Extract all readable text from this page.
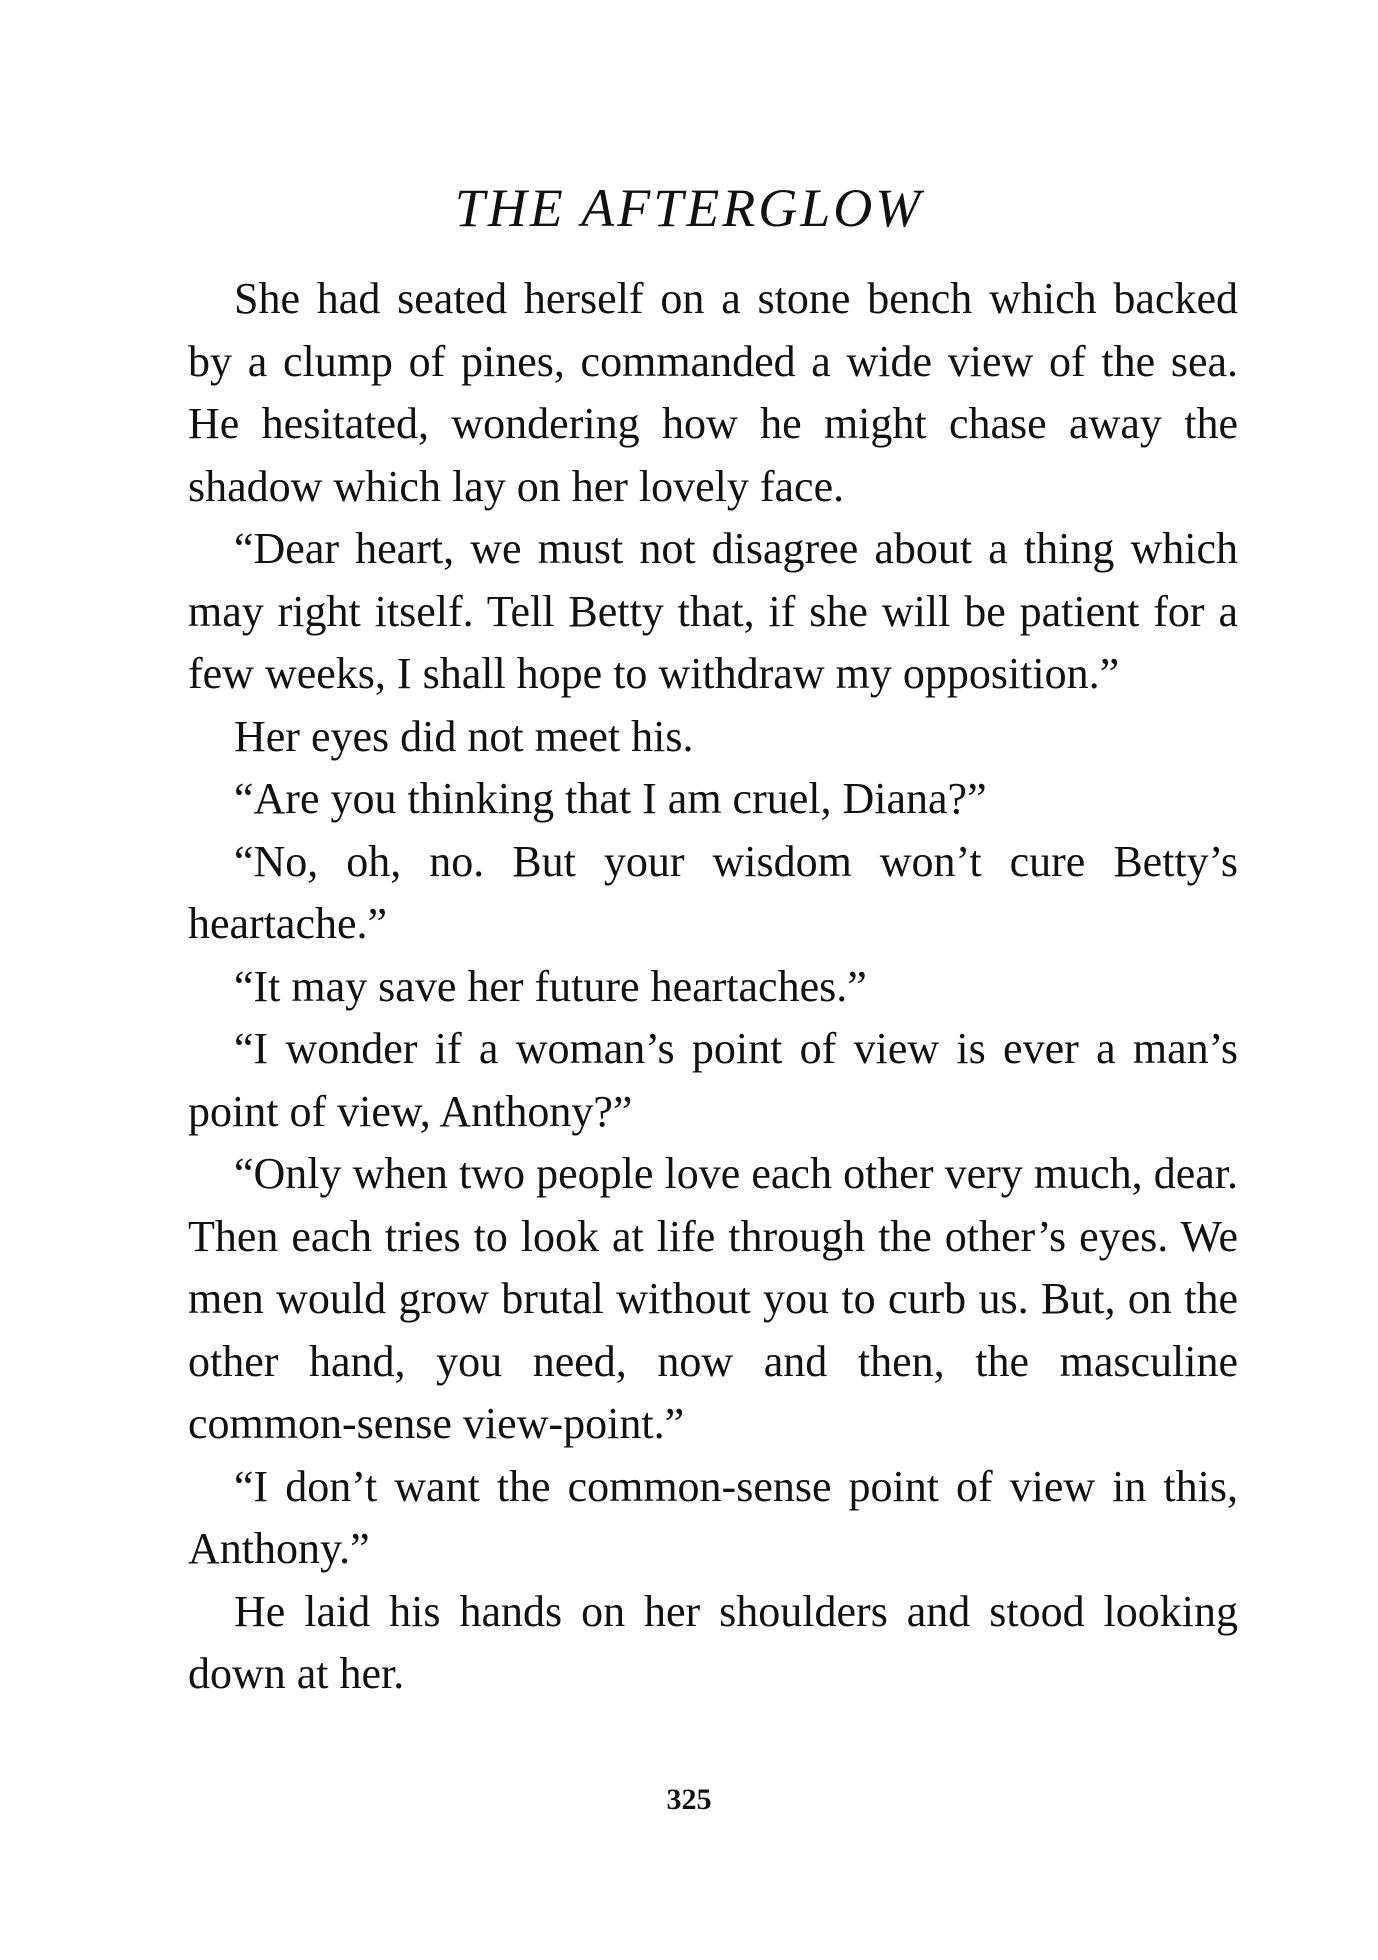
THE AFTERGLOW

She had seated herself on a stone bench which backed by a clump of pines, commanded a wide view of the sea. He hesitated, wondering how he might chase away the shadow which lay on her lovely face.

“Dear heart, we must not disagree about a thing which may right itself. Tell Betty that, if she will be patient for a few weeks, I shall hope to withdraw my opposition.”

Her eyes did not meet his.

“Are you thinking that I am cruel, Diana?”

“No, oh, no. But your wisdom won’t cure Betty’s heartache.”

“It may save her future heartaches.”

“I wonder if a woman’s point of view is ever a man’s point of view, Anthony?”

“Only when two people love each other very much, dear. Then each tries to look at life through the other’s eyes. We men would grow brutal without you to curb us. But, on the other hand, you need, now and then, the masculine common-sense view-point.”

“I don’t want the common-sense point of view in this, Anthony.”

He laid his hands on her shoulders and stood looking down at her.

325
